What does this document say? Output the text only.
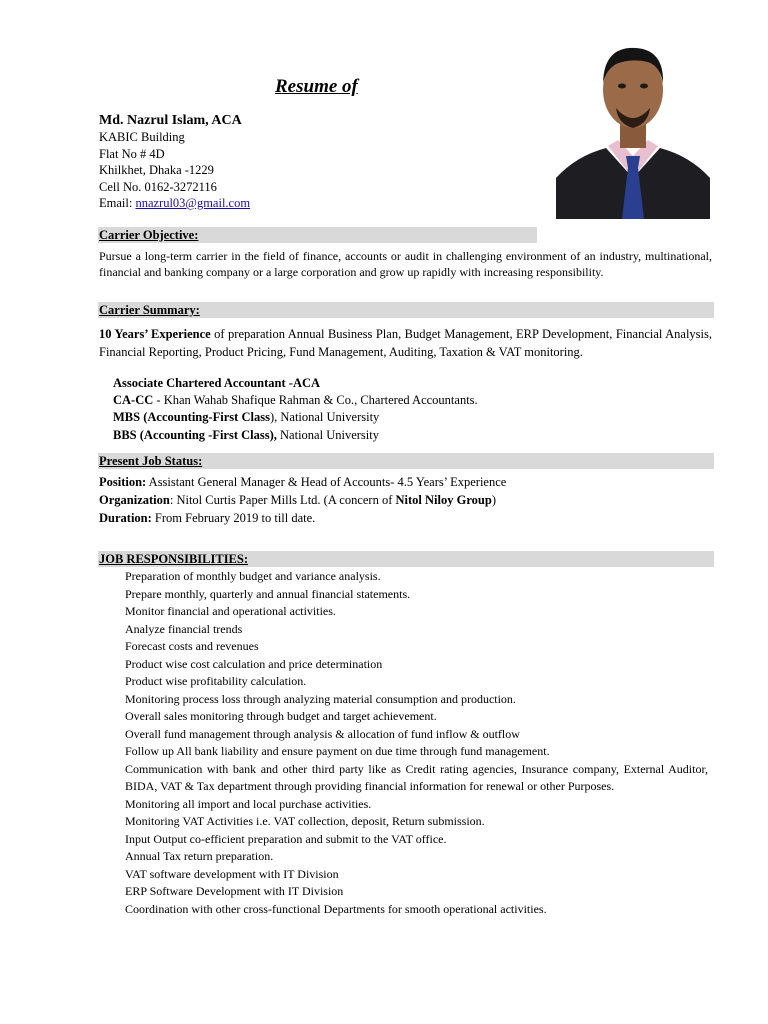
Resume of
Md. Nazrul Islam, ACA
KABIC Building
Flat No # 4D
Khilkhet, Dhaka -1229
Cell No. 0162-3272116
Email: nnazrul03@gmail.com
Carrier Objective:
Pursue a long-term carrier in the field of finance, accounts or audit in challenging environment of an industry, multinational, financial and banking company or a large corporation and grow up rapidly with increasing responsibility.
Carrier Summary:
10 Years’ Experience of preparation Annual Business Plan, Budget Management, ERP Development, Financial Analysis, Financial Reporting, Product Pricing, Fund Management, Auditing, Taxation & VAT monitoring.
Associate Chartered Accountant -ACA
CA-CC - Khan Wahab Shafique Rahman & Co., Chartered Accountants.
MBS (Accounting-First Class), National University
BBS (Accounting -First Class), National University
Present Job Status:
Position: Assistant General Manager & Head of Accounts- 4.5 Years’ Experience
Organization: Nitol Curtis Paper Mills Ltd. (A concern of Nitol Niloy Group)
Duration: From February 2019 to till date.
JOB RESPONSIBILITIES:
Preparation of monthly budget and variance analysis.
Prepare monthly, quarterly and annual financial statements.
Monitor financial and operational activities.
Analyze financial trends
Forecast costs and revenues
Product wise cost calculation and price determination
Product wise profitability calculation.
Monitoring process loss through analyzing material consumption and production.
Overall sales monitoring through budget and target achievement.
Overall fund management through analysis & allocation of fund inflow & outflow
Follow up All bank liability and ensure payment on due time through fund management.
Communication with bank and other third party like as Credit rating agencies, Insurance company, External Auditor, BIDA, VAT & Tax department through providing financial information for renewal or other Purposes.
Monitoring all import and local purchase activities.
Monitoring VAT Activities i.e. VAT collection, deposit, Return submission.
Input Output co-efficient preparation and submit to the VAT office.
Annual Tax return preparation.
VAT software development with IT Division
ERP Software Development with IT Division
Coordination with other cross-functional Departments for smooth operational activities.
